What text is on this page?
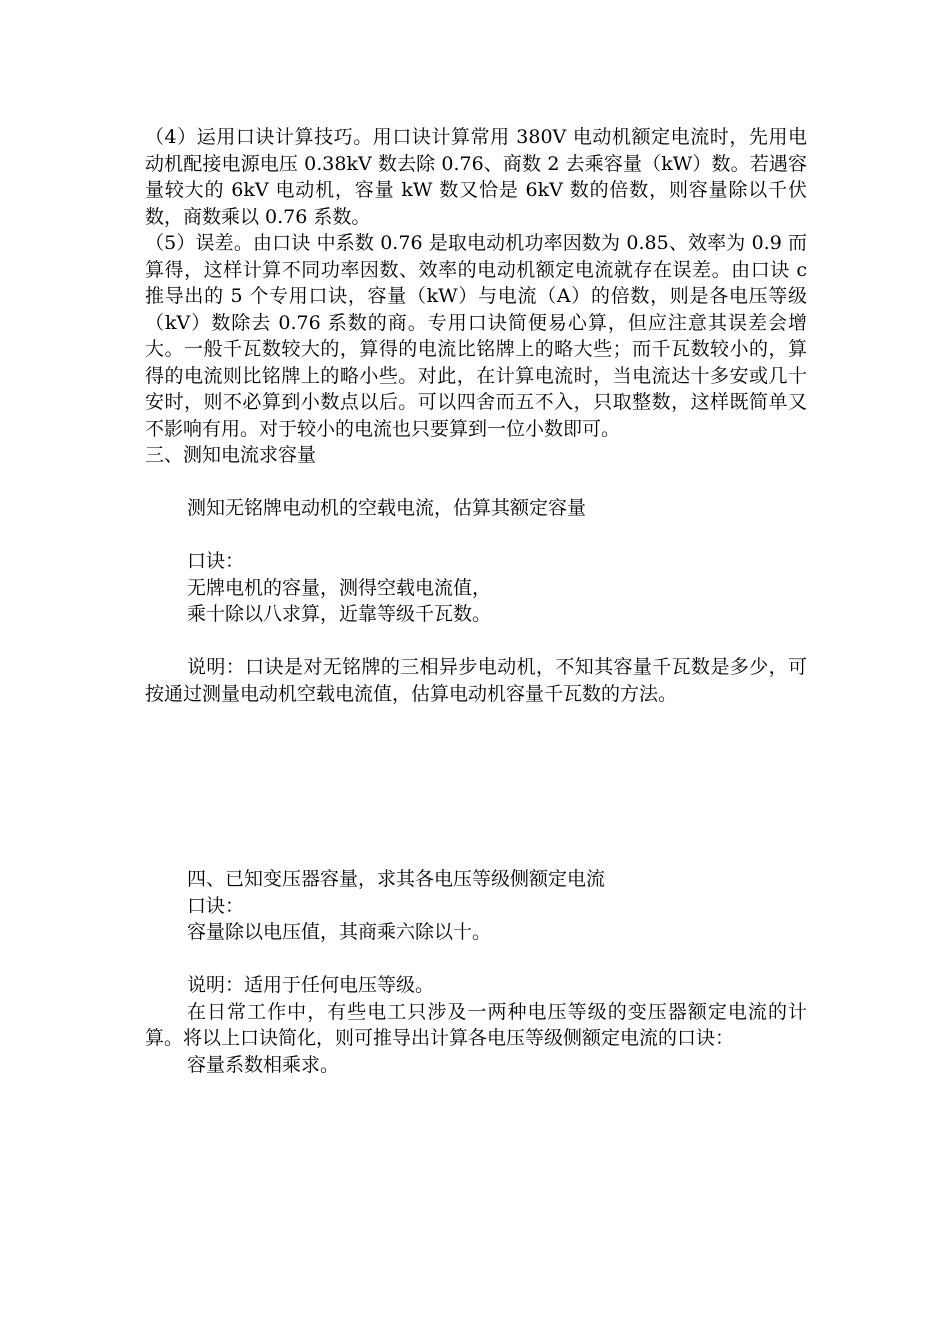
（4）运用口诀计算技巧。用口诀计算常用 380V 电动机额定电流时，先用电动机配接电源电压 0.38kV 数去除 0.76、商数 2 去乘容量（kW）数。若遇容量较大的 6kV 电动机，容量 kW 数又恰是 6kV 数的倍数，则容量除以千伏数，商数乘以 0.76 系数。

（5）误差。由口诀 中系数 0.76 是取电动机功率因数为 0.85、效率为 0.9 而算得，这样计算不同功率因数、效率的电动机额定电流就存在误差。由口诀 c 推导出的 5 个专用口诀，容量（kW）与电流（A）的倍数，则是各电压等级（kV）数除去 0.76 系数的商。专用口诀简便易心算，但应注意其误差会增大。一般千瓦数较大的，算得的电流比铭牌上的略大些；而千瓦数较小的，算得的电流则比铭牌上的略小些。对此，在计算电流时，当电流达十多安或几十安时，则不必算到小数点以后。可以四舍而五不入，只取整数，这样既简单又不影响有用。对于较小的电流也只要算到一位小数即可。

三、测知电流求容量

测知无铭牌电动机的空载电流，估算其额定容量

口诀：

无牌电机的容量，测得空载电流值，

乘十除以八求算，近靠等级千瓦数。

说明：口诀是对无铭牌的三相异步电动机，不知其容量千瓦数是多少，可按通过测量电动机空载电流值，估算电动机容量千瓦数的方法。

四、已知变压器容量，求其各电压等级侧额定电流

口诀：

容量除以电压值，其商乘六除以十。

说明：适用于任何电压等级。

在日常工作中，有些电工只涉及一两种电压等级的变压器额定电流的计算。将以上口诀简化，则可推导出计算各电压等级侧额定电流的口诀：

容量系数相乘求。
